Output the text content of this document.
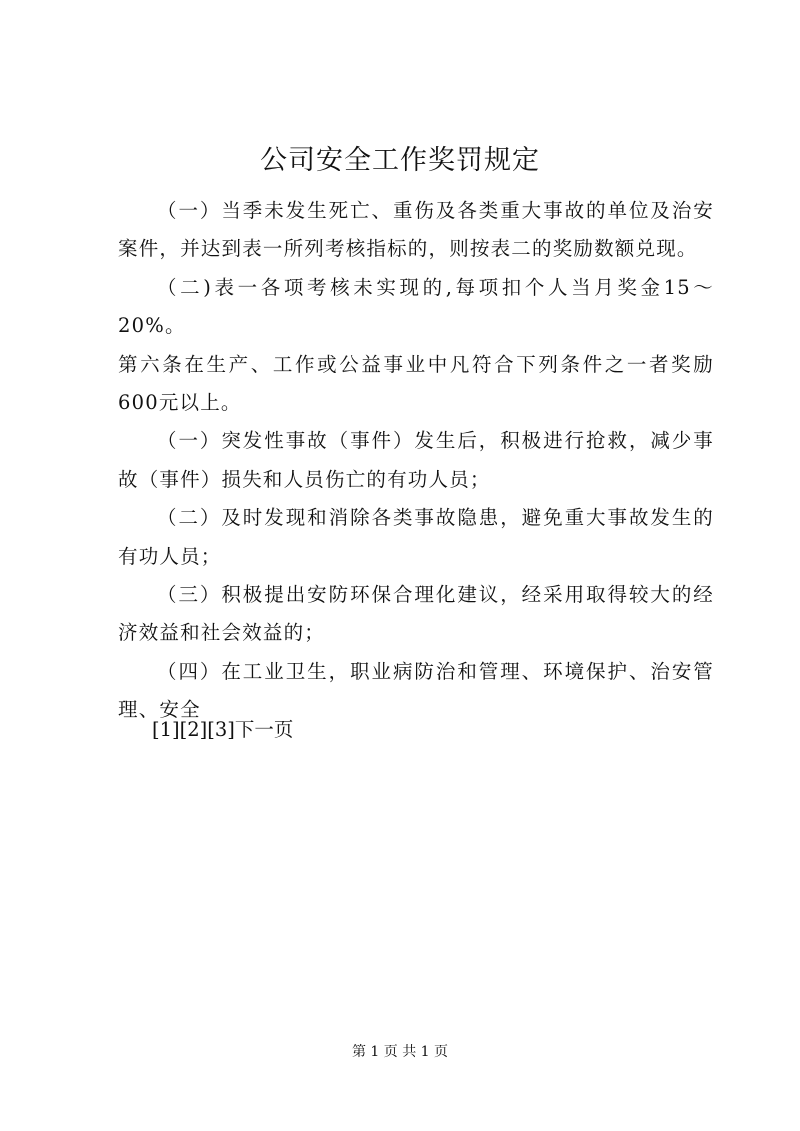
公司安全工作奖罚规定

（一）当季未发生死亡、重伤及各类重大事故的单位及治安案件，并达到表一所列考核指标的，则按表二的奖励数额兑现。

（二)表一各项考核未实现的,每项扣个人当月奖金15～20%。

第六条在生产、工作或公益事业中凡符合下列条件之一者奖励600元以上。

（一）突发性事故（事件）发生后，积极进行抢救，减少事故（事件）损失和人员伤亡的有功人员；

（二）及时发现和消除各类事故隐患，避免重大事故发生的有功人员；

（三）积极提出安防环保合理化建议，经采用取得较大的经济效益和社会效益的；

（四）在工业卫生，职业病防治和管理、环境保护、治安管理、安全

[1][2][3]下一页
第 1 页 共 1 页
